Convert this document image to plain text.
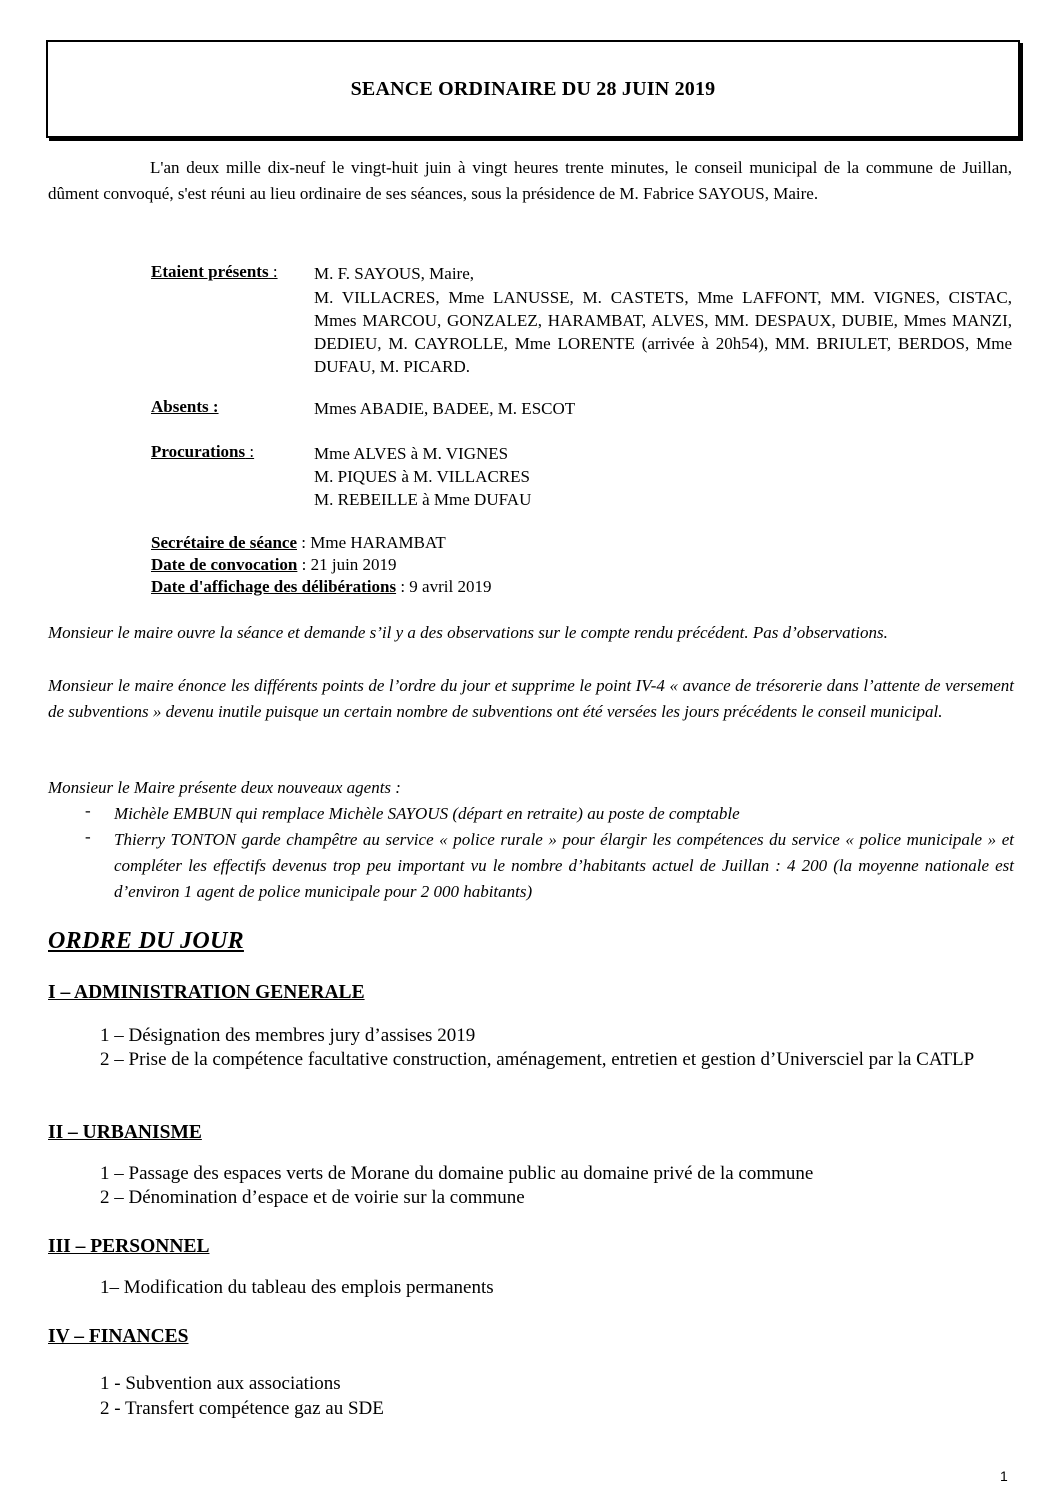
SEANCE ORDINAIRE DU 28 JUIN 2019
L'an deux mille dix-neuf le vingt-huit juin à vingt heures trente minutes, le conseil municipal de la commune de Juillan, dûment convoqué, s'est réuni au lieu ordinaire de ses séances, sous la présidence de M. Fabrice SAYOUS, Maire.
Etaient présents : M. F. SAYOUS, Maire,
M. VILLACRES, Mme LANUSSE, M. CASTETS, Mme LAFFONT, MM. VIGNES, CISTAC, Mmes MARCOU, GONZALEZ, HARAMBAT, ALVES, MM. DESPAUX, DUBIE, Mmes MANZI, DEDIEU, M. CAYROLLE, Mme LORENTE (arrivée à 20h54), MM. BRIULET, BERDOS, Mme DUFAU, M. PICARD.
Absents :	Mmes ABADIE, BADEE, M. ESCOT
Procurations :	Mme ALVES à M. VIGNES
M. PIQUES à M. VILLACRES
M. REBEILLE à Mme DUFAU
Secrétaire de séance : Mme HARAMBAT
Date de convocation : 21 juin 2019
Date d'affichage des délibérations : 9 avril 2019
Monsieur le maire ouvre la séance et demande s’il y a des observations sur le compte rendu précédent. Pas d’observations.
Monsieur le maire énonce les différents points de l’ordre du jour et supprime le point IV-4 « avance de trésorerie dans l’attente de versement de subventions » devenu inutile puisque un certain nombre de subventions ont été versées les jours précédents le conseil municipal.
Monsieur le Maire présente deux nouveaux agents :
- Michèle EMBUN qui remplace Michèle SAYOUS (départ en retraite) au poste de comptable
- Thierry TONTON garde champêtre au service « police rurale » pour élargir les compétences du service « police municipale » et compléter les effectifs devenus trop peu important vu le nombre d’habitants actuel de Juillan : 4 200 (la moyenne nationale est d’environ 1 agent de police municipale pour 2 000 habitants)
ORDRE DU JOUR
I – ADMINISTRATION GENERALE
1 – Désignation des membres jury d’assises 2019
2 – Prise de la compétence facultative construction, aménagement, entretien et gestion d’Universciel par la CATLP
II – URBANISME
1 – Passage des espaces verts de Morane du domaine public au domaine privé de la commune
2 – Dénomination d’espace et de voirie sur la commune
III – PERSONNEL
1– Modification du tableau des emplois permanents
IV – FINANCES
1 - Subvention aux associations
2 - Transfert compétence gaz au SDE
1
